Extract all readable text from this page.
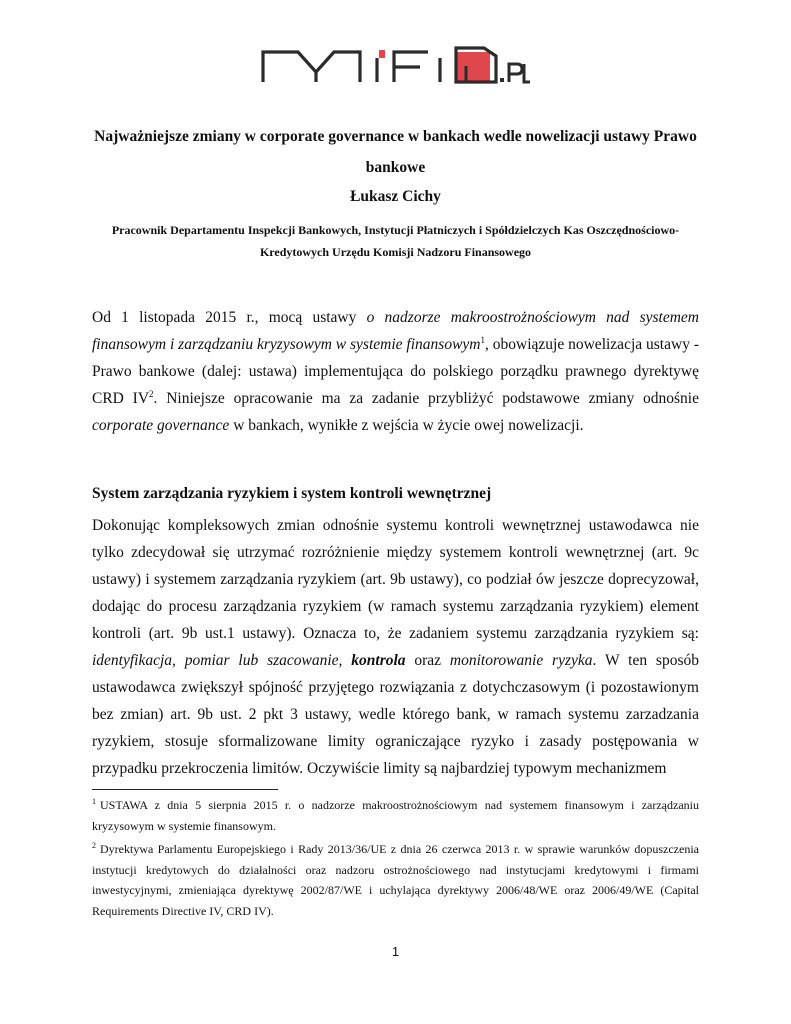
Najważniejsze zmiany w corporate governance w bankach wedle nowelizacji ustawy Prawo bankowe
Łukasz Cichy
Pracownik Departamentu Inspekcji Bankowych, Instytucji Płatniczych i Spółdzielczych Kas Oszczędnościowo-Kredytowych Urzędu Komisji Nadzoru Finansowego

Od 1 listopada 2015 r., mocą ustawy o nadzorze makroostrożnościowym nad systemem finansowym i zarządzaniu kryzysowym w systemie finansowym$^1$, obowiązuje nowelizacja ustawy - Prawo bankowe (dalej: ustawa) implementująca do polskiego porządku prawnego dyrektywę CRD $IV^2$. Niniejsze opracowanie ma za zadanie przybliżyć podstawowe zmiany odnośnie corporate governance w bankach, wynikłe z wejścia w życie owej nowelizacji.

System zarządzania ryzykiem i system kontroli wewnętrznej

Dokonując kompleksowych zmian odnośnie systemu kontroli wewnętrznej ustawodawca nie tylko zdecydował się utrzymać rozróżnienie między systemem kontroli wewnętrznej (art. 9c ustawy) i systemem zarządzania ryzykiem (art. 9b ustawy), co podział ów jeszcze doprecyzował, dodając do procesu zarządzania ryzykiem (w ramach systemu zarządzania ryzykiem) element kontroli (art. 9b ust.1 ustawy). Oznacza to, że zadaniem systemu zarządzania ryzykiem są: identyfikacja, pomiar lub szacowanie, kontrola oraz monitorowanie ryzyka. W ten sposób ustawodawca zwiększył spójność przyjętego rozwiązania z dotychczasowym (i pozostawionym bez zmian) art. 9b ust. 2 pkt 3 ustawy, wedle którego bank, w ramach systemu zarzadzania ryzykiem, stosuje sformalizowane limity ograniczające ryzyko i zasady postępowania w przypadku przekroczenia limitów. Oczywiście limity są najbardziej typowym mechanizmem

$^1$ USTAWA z dnia 5 sierpnia 2015 r. o nadzorze makroostrożnościowym nad systemem finansowym i zarządzaniu kryzysowym w systemie finansowym.
$^2$ Dyrektywa Parlamentu Europejskiego i Rady 2013/36/UE z dnia 26 czerwca 2013 r. w sprawie warunków dopuszczenia instytucji kredytowych do działalności oraz nadzoru ostrożnościowego nad instytucjami kredytowymi i firmami inwestycyjnymi, zmieniająca dyrektywę 2002/87/WE i uchylająca dyrektywy 2006/48/WE oraz 2006/49/WE (Capital Requirements Directive IV, CRD IV).
1
